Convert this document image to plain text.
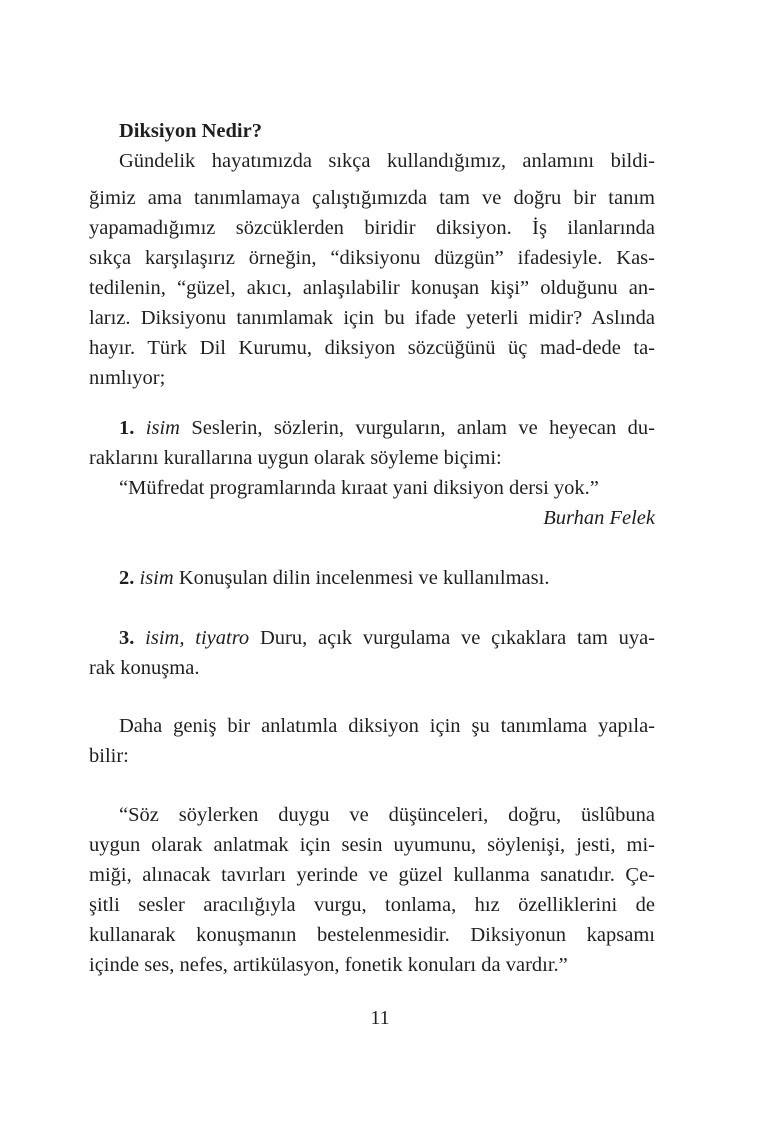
Diksiyon Nedir?
Gündelik hayatımızda sıkça kullandığımız, anlamını bildi-
ğimiz ama tanımlamaya çalıştığımızda tam ve doğru bir tanım
yapamadığımız sözcüklerden biridir diksiyon. İş ilanlarında
sıkça karşılaşırız örneğin, “diksiyonu düzgün” ifadesiyle. Kas-
tedilenin, “güzel, akıcı, anlaşılabilir konuşan kişi” olduğunu an-
larız. Diksiyonu tanımlamak için bu ifade yeterli midir? Aslında
hayır. Türk Dil Kurumu, diksiyon sözcüğünü üç mad-dede ta-
nımlıyor;
1. isim Seslerin, sözlerin, vurguların, anlam ve heyecan du-
raklarını kurallarına uygun olarak söyleme biçimi:
“Müfredat programlarında kıraat yani diksiyon dersi yok.”
Burhan Felek
2. isim Konuşulan dilin incelenmesi ve kullanılması.
3. isim, tiyatro Duru, açık vurgulama ve çıkaklara tam uya-
rak konuşma.
Daha geniş bir anlatımla diksiyon için şu tanımlama yapıla-
bilir:
“Söz söylerken duygu ve düşünceleri, doğru, üslûbuna
uygun olarak anlatmak için sesin uyumunu, söylenişi, jesti, mi-
miği, alınacak tavırları yerinde ve güzel kullanma sanatıdır. Çe-
şitli sesler aracılığıyla vurgu, tonlama, hız özelliklerini de
kullanarak konuşmanın bestelenmesidir. Diksiyonun kapsamı
içinde ses, nefes, artikülasyon, fonetik konuları da vardır.”
11
